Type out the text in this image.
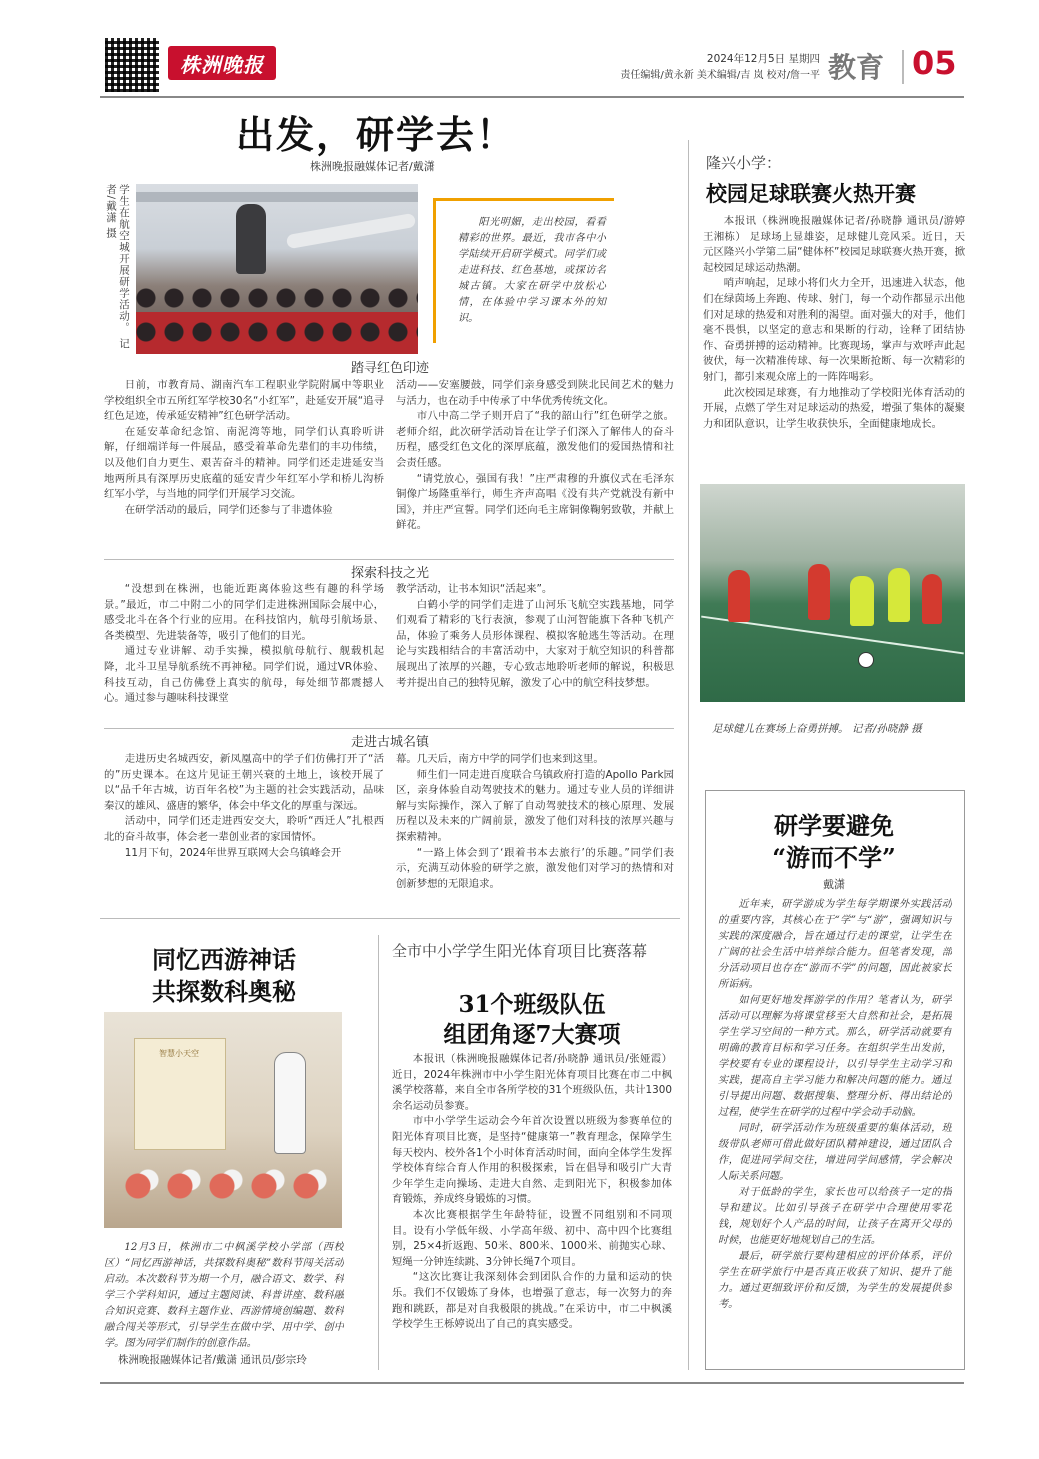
株洲晚报	2024年12月5日 星期四
责任编辑/黄永新 美术编辑/吉 岚 校对/詹一平 教育 05
出发，研学去！
株洲晚报融媒体记者/戴潇
学生在航空城开展研学活动。 记者/戴潇 摄	阳光明媚，走出校园，看看精彩的世界。最近，我市各中小学陆续开启研学模式。同学们或走进科技、红色基地，或探访名城古镇。大家在研学中放松心情，在体验中学习课本外的知识。

踏寻红色印迹

日前，市教育局、湖南汽车工程职业学院附属中等职业学校组织全市五所红军学校30名“小红军”，赴延安开展“追寻红色足迹，传承延安精神”红色研学活动。

在延安革命纪念馆、南泥湾等地，同学们认真聆听讲解，仔细端详每一件展品，感受着革命先辈们的丰功伟绩，以及他们自力更生、艰苦奋斗的精神。同学们还走进延安当地两所具有深厚历史底蕴的延安青少年红军小学和桥儿沟桥红军小学，与当地的同学们开展学习交流。

在研学活动的最后，同学们还参与了非遗体验

活动——安塞腰鼓，同学们亲身感受到陕北民间艺术的魅力与活力，也在动手中传承了中华优秀传统文化。

市八中高二学子则开启了“我的韶山行”红色研学之旅。老师介绍，此次研学活动旨在让学子们深入了解伟人的奋斗历程，感受红色文化的深厚底蕴，激发他们的爱国热情和社会责任感。

“请党放心，强国有我！”庄严肃穆的升旗仪式在毛泽东铜像广场隆重举行，师生齐声高唱《没有共产党就没有新中国》，并庄严宣誓。同学们还向毛主席铜像鞠躬致敬，并献上鲜花。

探索科技之光

“没想到在株洲，也能近距离体验这些有趣的科学场景。”最近，市二中附二小的同学们走进株洲国际会展中心，感受北斗在各个行业的应用。在科技馆内，航母引航场景、各类模型、先进装备等，吸引了他们的目光。

通过专业讲解、动手实操，模拟航母航行、舰载机起降，北斗卫星导航系统不再神秘。同学们说，通过VR体验、科技互动，自己仿佛登上真实的航母，每处细节都震撼人心。通过参与趣味科技课堂

教学活动，让书本知识“活起来”。

白鹤小学的同学们走进了山河乐飞航空实践基地，同学们观看了精彩的飞行表演，参观了山河智能旗下各种飞机产品，体验了乘务人员形体课程、模拟客舱逃生等活动。在理论与实践相结合的丰富活动中，大家对于航空知识的科普都展现出了浓厚的兴趣，专心致志地聆听老师的解说，积极思考并提出自己的独特见解，激发了心中的航空科技梦想。

走进古城名镇

走进历史名城西安，新凤凰高中的学子们仿佛打开了“活的”历史课本。在这片见证王朝兴衰的土地上，该校开展了以“品千年古城，访百年名校”为主题的社会实践活动，品味秦汉的雄风、盛唐的繁华，体会中华文化的厚重与深远。

活动中，同学们还走进西安交大，聆听“西迁人”扎根西北的奋斗故事，体会老一辈创业者的家国情怀。

11月下旬，2024年世界互联网大会乌镇峰会开

幕。几天后，南方中学的同学们也来到这里。

师生们一同走进百度联合乌镇政府打造的Apollo Park园区，亲身体验自动驾驶技术的魅力。通过专业人员的详细讲解与实际操作，深入了解了自动驾驶技术的核心原理、发展历程以及未来的广阔前景，激发了他们对科技的浓厚兴趣与探索精神。

“一路上体会到了‘跟着书本去旅行’的乐趣。”同学们表示，充满互动体验的研学之旅，激发他们对学习的热情和对创新梦想的无限追求。

隆兴小学：
校园足球联赛火热开赛

本报讯（株洲晚报融媒体记者/孙晓静 通讯员/游婷 王湘栋） 足球场上显雄姿，足球健儿竞风采。近日，天元区隆兴小学第二届“健体杯”校园足球联赛火热开赛，掀起校园足球运动热潮。

哨声响起，足球小将们火力全开，迅速进入状态，他们在绿茵场上奔跑、传球、射门，每一个动作都显示出他们对足球的热爱和对胜利的渴望。面对强大的对手，他们毫不畏惧，以坚定的意志和果断的行动，诠释了团结协作、奋勇拼搏的运动精神。比赛现场，掌声与欢呼声此起彼伏，每一次精准传球、每一次果断抢断、每一次精彩的射门，都引来观众席上的一阵阵喝彩。

此次校园足球赛，有力地推动了学校阳光体育活动的开展，点燃了学生对足球运动的热爱，增强了集体的凝聚力和团队意识，让学生收获快乐，全面健康地成长。

足球健儿在赛场上奋勇拼搏。 记者/孙晓静 摄
研学要避免
“游而不学”
戴潇

近年来，研学游成为学生每学期课外实践活动的重要内容，其核心在于“学”与“游”，强调知识与实践的深度融合，旨在通过行走的课堂，让学生在广阔的社会生活中培养综合能力。但笔者发现，部分活动项目也存在“游而不学”的问题，因此被家长所诟病。

如何更好地发挥游学的作用？笔者认为，研学活动可以理解为将课堂移至大自然和社会，是拓展学生学习空间的一种方式。那么，研学活动就要有明确的教育目标和学习任务。在组织学生出发前，学校要有专业的课程设计，以引导学生主动学习和实践，提高自主学习能力和解决问题的能力。通过引导提出问题、数据搜集、整理分析、得出结论的过程，使学生在研学的过程中学会动手动脑。

同时，研学活动作为班级重要的集体活动，班级带队老师可借此做好团队精神建设，通过团队合作，促进同学间交往，增进同学间感情，学会解决人际关系问题。

对于低龄的学生，家长也可以给孩子一定的指导和建议。比如引导孩子在研学中合理使用零花钱，规划好个人产品的时间，让孩子在离开父母的时候，也能更好地规划自己的生活。

最后，研学旅行要构建相应的评价体系，评价学生在研学旅行中是否真正收获了知识、提升了能力。通过更细致评价和反馈，为学生的发展提供参考。

同忆西游神话
共探数科奥秘
智慧小天空

12月3日，株洲市二中枫溪学校小学部（西校区）“同忆西游神话，共探数科奥秘”数科节闯关活动启动。本次数科节为期一个月，融合语文、数学、科学三个学科知识，通过主题阅读、科普讲座、数科融合知识竞赛、数科主题作业、西游情境创编题、数科融合闯关等形式，引导学生在做中学、用中学、创中学。图为同学们制作的创意作品。

株洲晚报融媒体记者/戴潇 通讯员/彭宗玲
全市中小学学生阳光体育项目比赛落幕
31个班级队伍
组团角逐7大赛项

本报讯（株洲晚报融媒体记者/孙晓静 通讯员/张娅霞） 近日，2024年株洲市中小学生阳光体育项目比赛在市二中枫溪学校落幕，来自全市各所学校的31个班级队伍，共计1300余名运动员参赛。

市中小学学生运动会今年首次设置以班级为参赛单位的阳光体育项目比赛，是坚持“健康第一”教育理念，保障学生每天校内、校外各1个小时体育活动时间，面向全体学生发挥学校体育综合育人作用的积极探索，旨在倡导和吸引广大青少年学生走向操场、走进大自然、走到阳光下，积极参加体育锻炼，养成终身锻炼的习惯。

本次比赛根据学生年龄特征，设置不同组别和不同项目。设有小学低年级、小学高年级、初中、高中四个比赛组别，25×4折返跑、50米、800米、1000米、前抛实心球、短绳一分钟连续跳、3分钟长绳7个项目。

“这次比赛让我深刻体会到团队合作的力量和运动的快乐。我们不仅锻炼了身体，也增强了意志，每一次努力的奔跑和跳跃，都是对自我极限的挑战。”在采访中，市二中枫溪学校学生王栎婷说出了自己的真实感受。
